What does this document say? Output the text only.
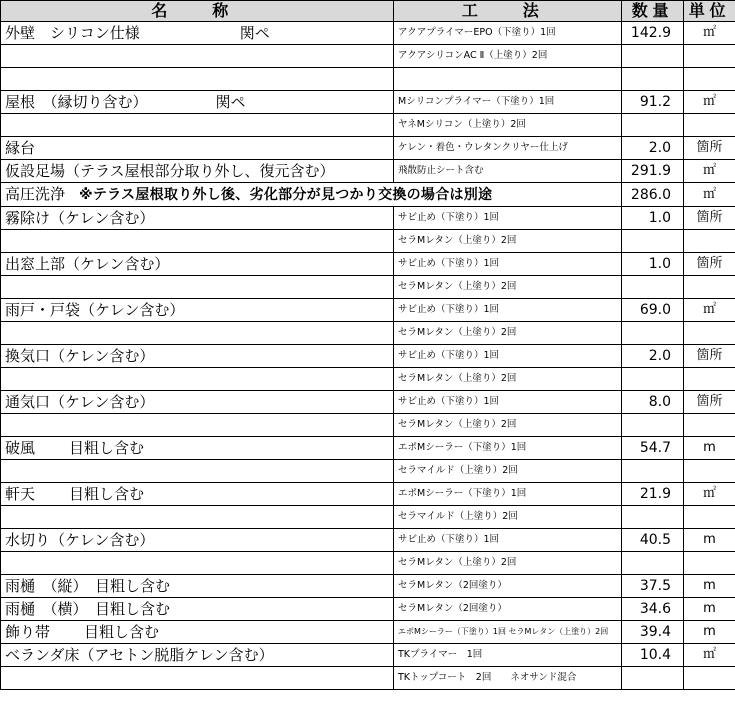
名　称	工　法	数量	単位
外壁　シリコン仕様 関ペ	アクアプライマーEPO（下塗り）1回	142.9	㎡
	アクアシリコンAC Ⅱ（上塗り）2回		

屋根　（縁切り含む） 関ペ	Mシリコンプライマー（下塗り）1回	91.2	㎡
	ヤネMシリコン（上塗り）2回		
縁台	ケレン・着色・ウレタンクリヤー仕上げ	2.0	箇所
仮設足場（テラス屋根部分取り外し、復元含む）	飛散防止シート含む	291.9	㎡
高圧洗浄 ※テラス屋根取り外し後、劣化部分が見つかり交換の場合は別途		286.0	㎡
霧除け（ケレン含む）	サビ止め（下塗り）1回	1.0	箇所
	セラMレタン（上塗り）2回		
出窓上部（ケレン含む）	サビ止め（下塗り）1回	1.0	箇所
	セラMレタン（上塗り）2回		
雨戸・戸袋（ケレン含む）	サビ止め（下塗り）1回	69.0	㎡
	セラMレタン（上塗り）2回		
換気口（ケレン含む）	サビ止め（下塗り）1回	2.0	箇所
	セラMレタン（上塗り）2回		
通気口（ケレン含む）	サビ止め（下塗り）1回	8.0	箇所
	セラMレタン（上塗り）2回		
破風 目粗し含む	エポMシーラー（下塗り）1回	54.7	m
	セラマイルド（上塗り）2回		
軒天 目粗し含む	エポMシーラー（下塗り）1回	21.9	㎡
	セラマイルド（上塗り）2回		
水切り（ケレン含む）	サビ止め（下塗り）1回	40.5	m
	セラMレタン（上塗り）2回		
雨樋　（縦）　目粗し含む	セラMレタン（2回塗り）	37.5	m
雨樋　（横）　目粗し含む	セラMレタン（2回塗り）	34.6	m
飾り帯 目粗し含む	エポMシーラー（下塗り）1回 セラMレタン（上塗り）2回	39.4	m
ベランダ床（アセトン脱脂ケレン含む）	TKプライマー　1回	10.4	㎡
	TKトップコート　2回　　ネオサンド混合		
